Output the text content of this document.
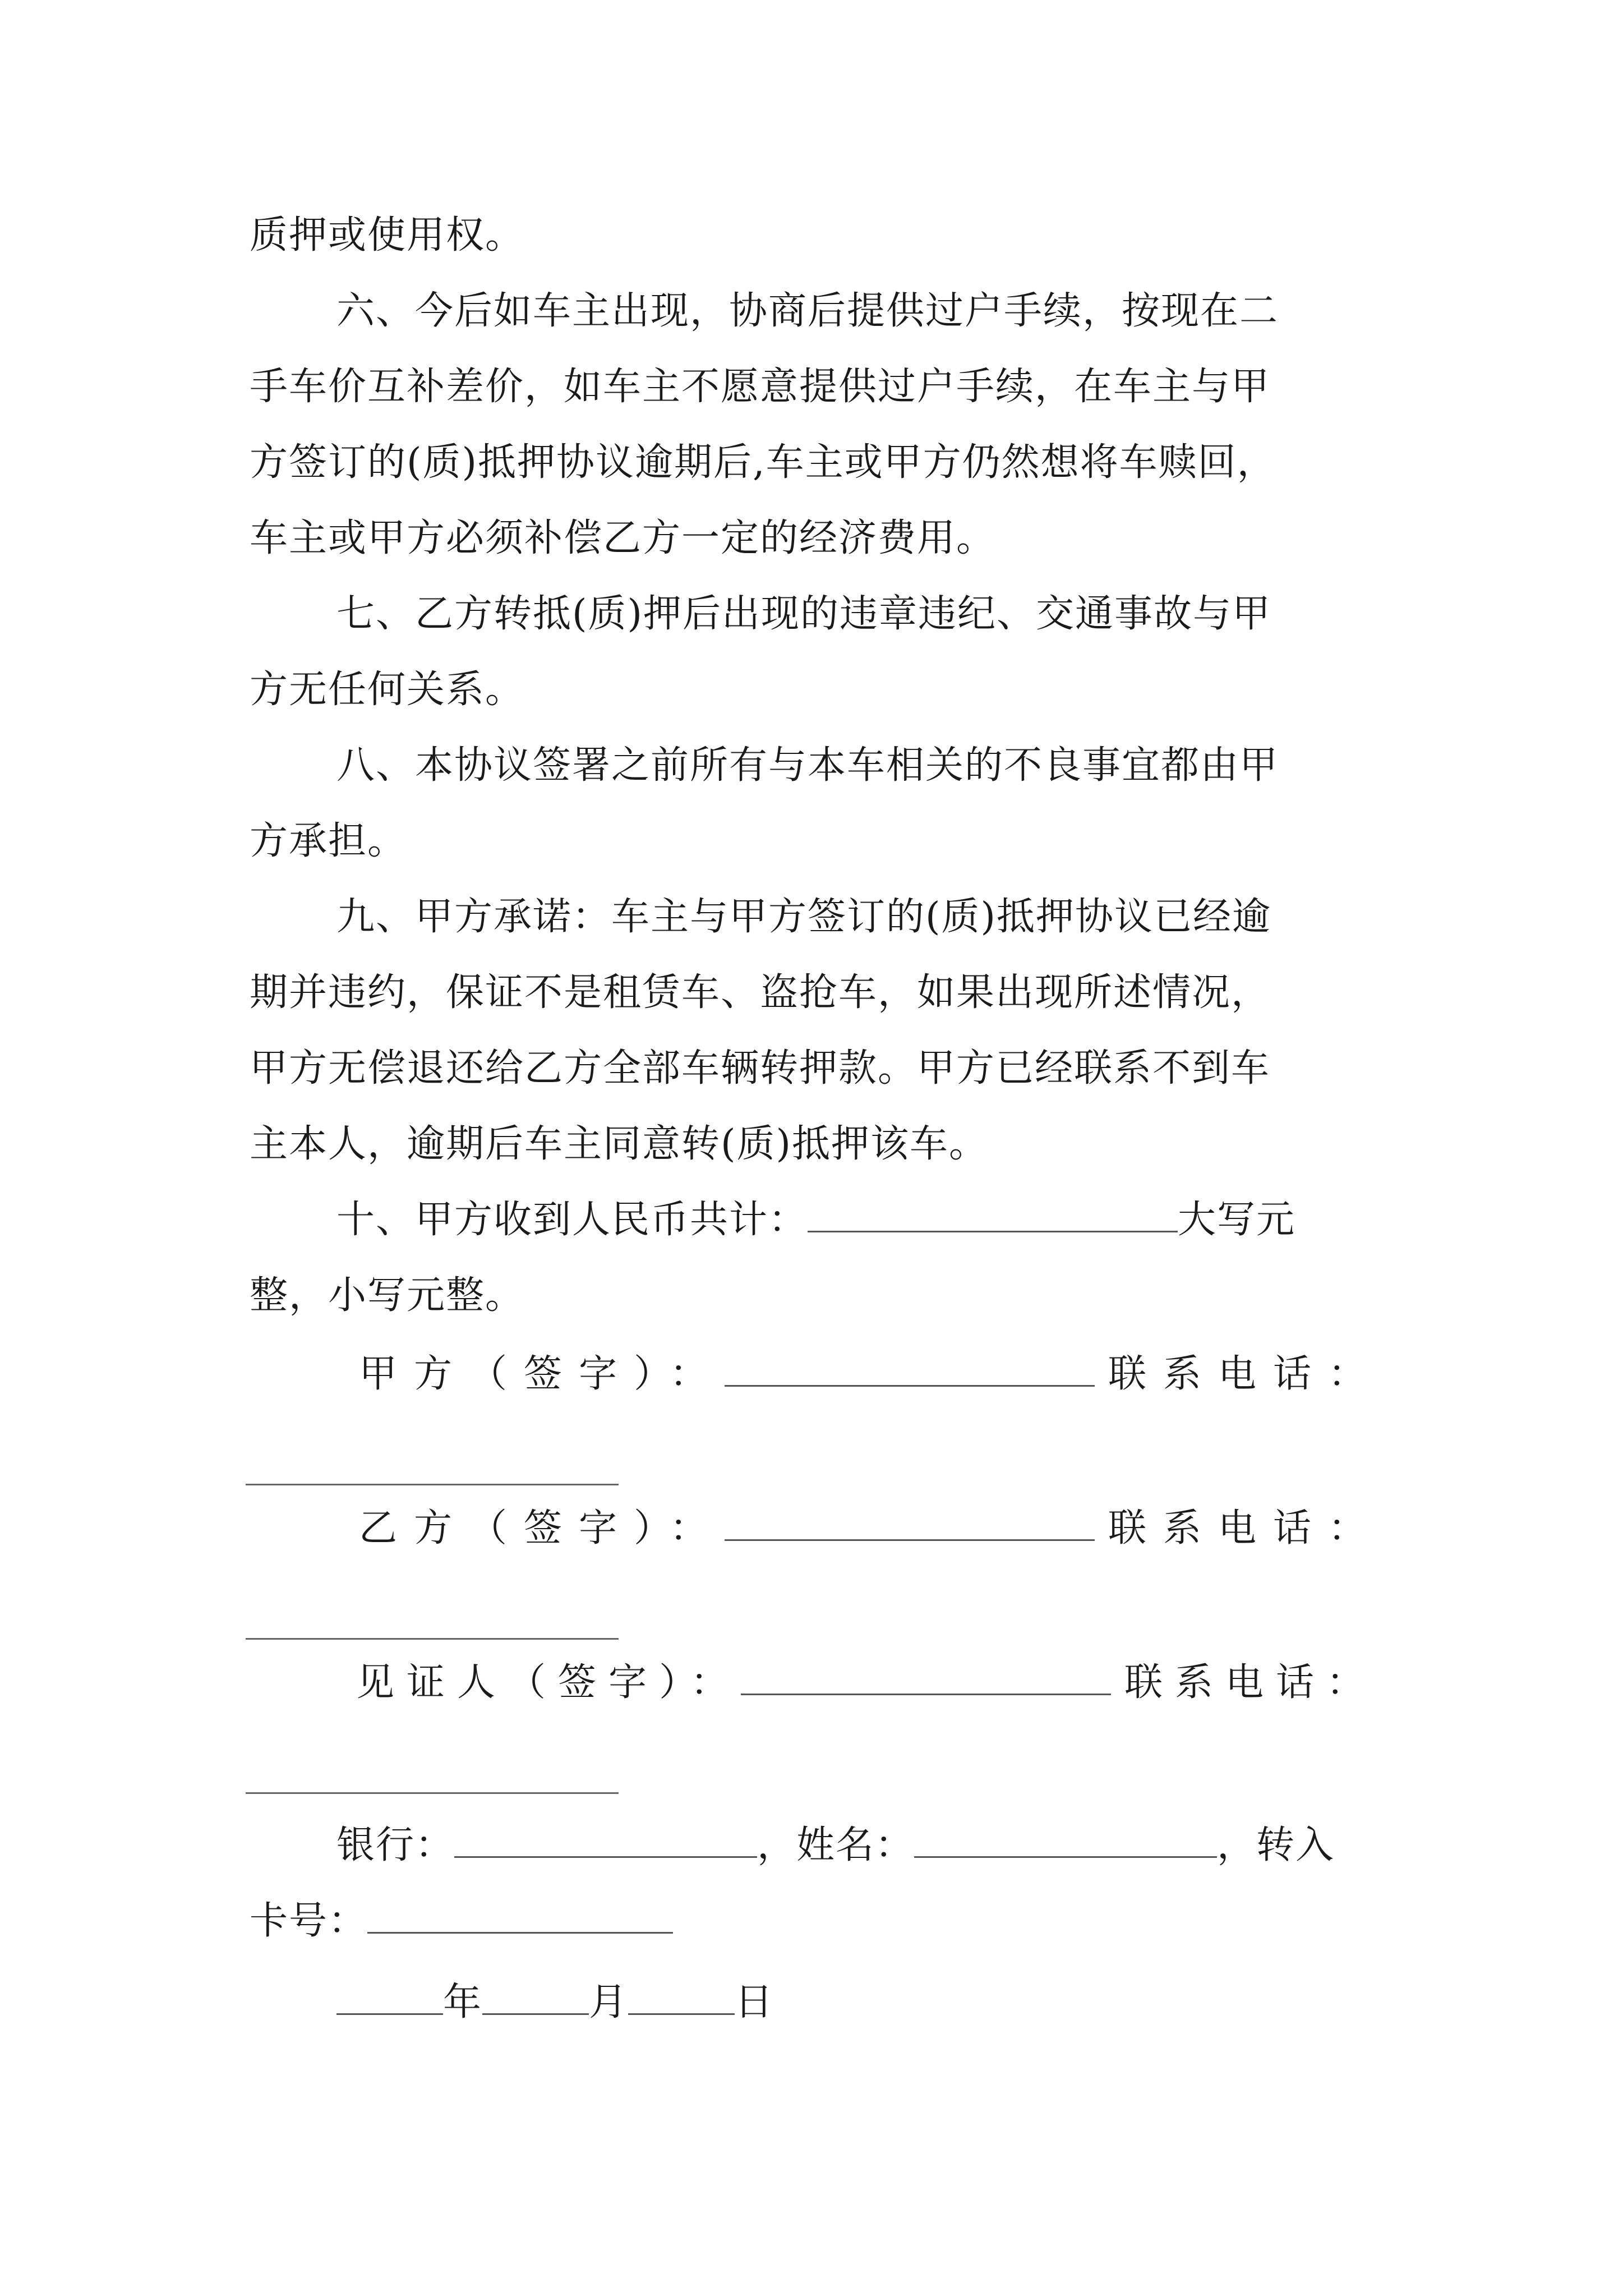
质押或使用权。
六、今后如车主出现，协商后提供过户手续，按现在二
手车价互补差价，如车主不愿意提供过户手续，在车主与甲
方签订的(质)抵押协议逾期后,车主或甲方仍然想将车赎回，
车主或甲方必须补偿乙方一定的经济费用。
七、乙方转抵(质)押后出现的违章违纪、交通事故与甲
方无任何关系。
八、本协议签署之前所有与本车相关的不良事宜都由甲
方承担。
九、甲方承诺：车主与甲方签订的(质)抵押协议已经逾
期并违约，保证不是租赁车、盗抢车，如果出现所述情况，
甲方无偿退还给乙方全部车辆转押款。甲方已经联系不到车
主本人，逾期后车主同意转(质)抵押该车。
十、甲方收到人民币共计：	大写元
整，小写元整。
甲方（签字）：	联系电话：
乙方（签字）：	联系电话：
见证人（签字）：	联系电话：
银行：	，姓名：	，转入
卡号：
年	月	日
